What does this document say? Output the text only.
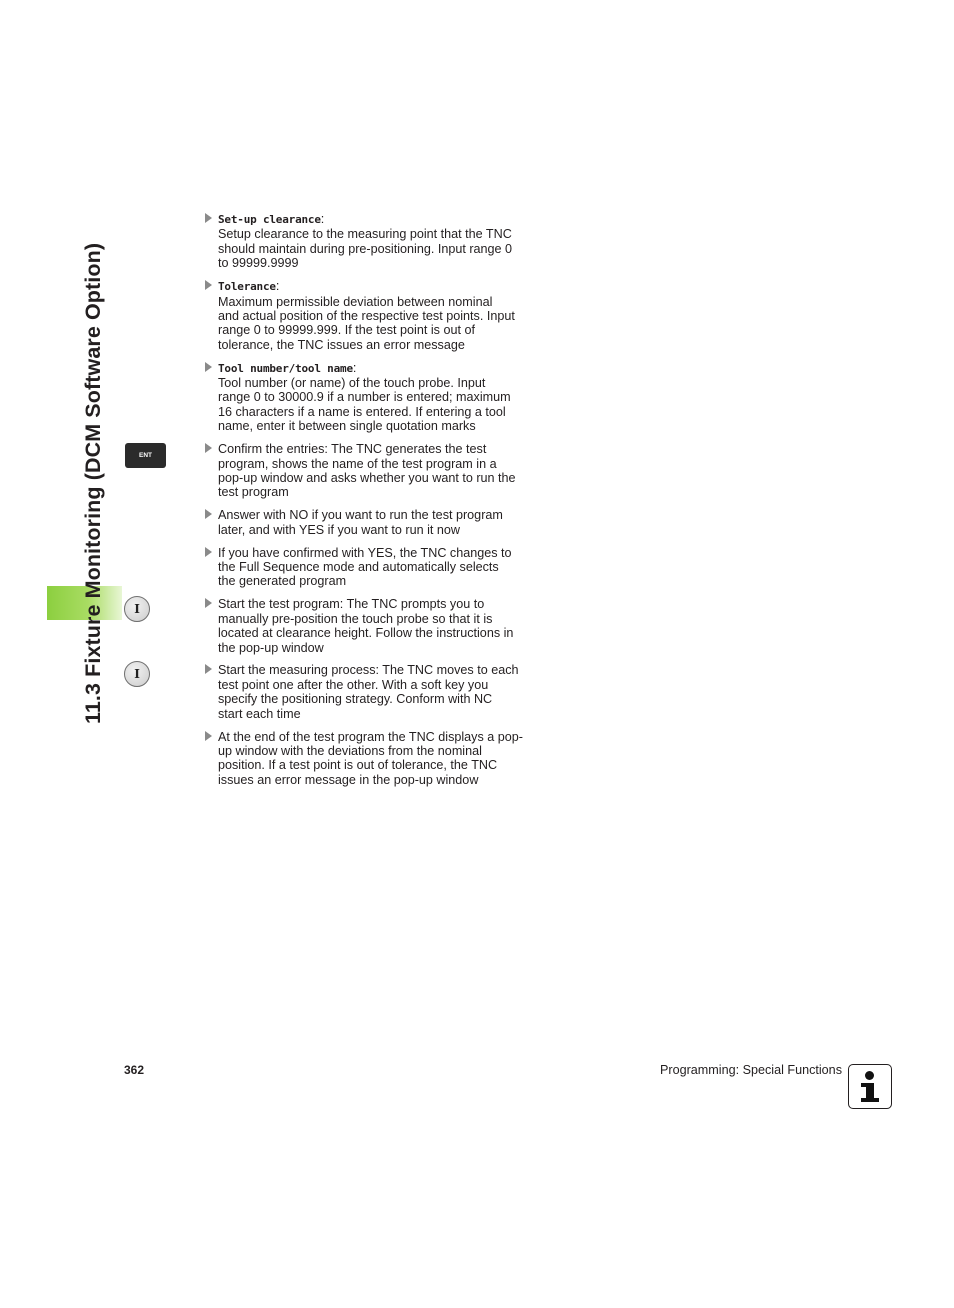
11.3 Fixture Monitoring (DCM Software Option)	ENT
I
I
Set-up clearance:
Setup clearance to the measuring point that the TNC
should maintain during pre-positioning. Input range 0
to 99999.9999
Tolerance:
Maximum permissible deviation between nominal
and actual position of the respective test points. Input
range 0 to 99999.999. If the test point is out of
tolerance, the TNC issues an error message
Tool number/tool name:
Tool number (or name) of the touch probe. Input
range 0 to 30000.9 if a number is entered; maximum
16 characters if a name is entered. If entering a tool
name, enter it between single quotation marks
Confirm the entries: The TNC generates the test
program, shows the name of the test program in a
pop-up window and asks whether you want to run the
test program
Answer with NO if you want to run the test program
later, and with YES if you want to run it now
If you have confirmed with YES, the TNC changes to
the Full Sequence mode and automatically selects
the generated program
Start the test program: The TNC prompts you to
manually pre-position the touch probe so that it is
located at clearance height. Follow the instructions in
the pop-up window
Start the measuring process: The TNC moves to each
test point one after the other. With a soft key you
specify the positioning strategy. Conform with NC
start each time
At the end of the test program the TNC displays a pop-
up window with the deviations from the nominal
position. If a test point is out of tolerance, the TNC
issues an error message in the pop-up window
362	Programming: Special Functions
